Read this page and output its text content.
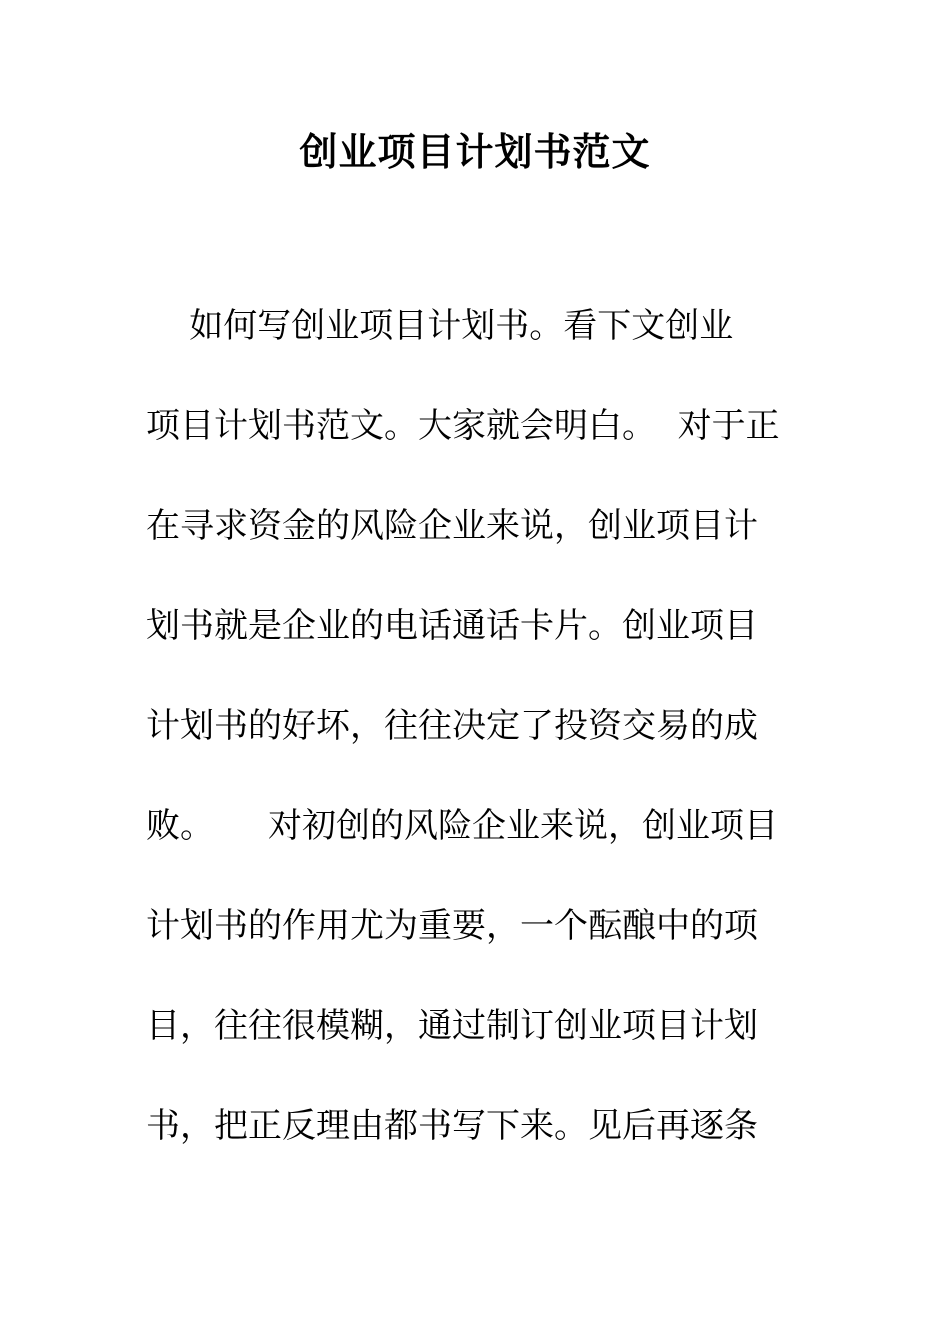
创业项目计划书范文
如何写创业项目计划书。看下文创业
项目计划书范文。大家就会明白。  对于正
在寻求资金的风险企业来说，创业项目计
划书就是企业的电话通话卡片。创业项目
计划书的好坏，往往决定了投资交易的成
败。     对初创的风险企业来说，创业项目
计划书的作用尤为重要，一个酝酿中的项
目，往往很模糊，通过制订创业项目计划
书，把正反理由都书写下来。见后再逐条
